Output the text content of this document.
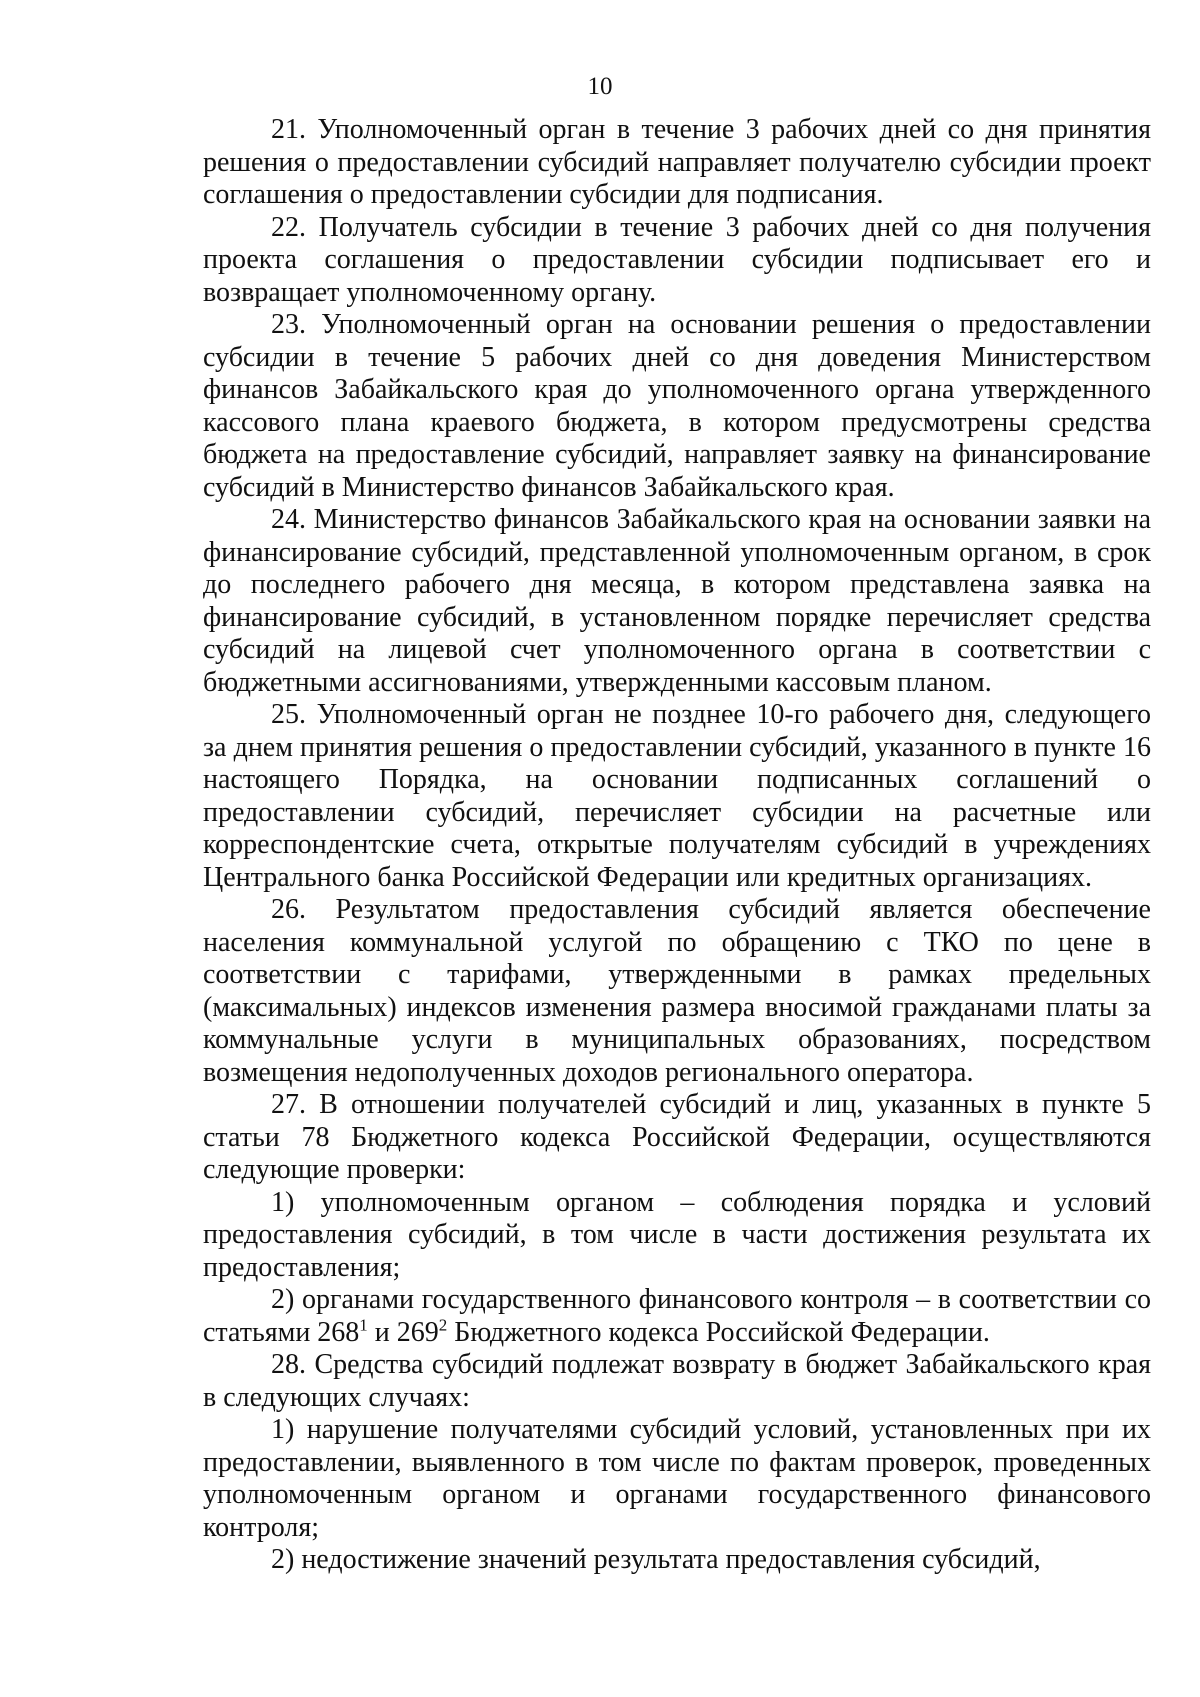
10

21. Уполномоченный орган в течение 3 рабочих дней со дня принятия решения о предоставлении субсидий направляет получателю субсидии проект соглашения о предоставлении субсидии для подписания.

22. Получатель субсидии в течение 3 рабочих дней со дня получения проекта соглашения о предоставлении субсидии подписывает его и возвращает уполномоченному органу.

23. Уполномоченный орган на основании решения о предоставлении субсидии в течение 5 рабочих дней со дня доведения Министерством финансов Забайкальского края до уполномоченного органа утвержденного кассового плана краевого бюджета, в котором предусмотрены средства бюджета на предоставление субсидий, направляет заявку на финансирование субсидий в Министерство финансов Забайкальского края.

24. Министерство финансов Забайкальского края на основании заявки на финансирование субсидий, представленной уполномоченным органом, в срок до последнего рабочего дня месяца, в котором представлена заявка на финансирование субсидий, в установленном порядке перечисляет средства субсидий на лицевой счет уполномоченного органа в соответствии с бюджетными ассигнованиями, утвержденными кассовым планом.

25. Уполномоченный орган не позднее 10-го рабочего дня, следующего за днем принятия решения о предоставлении субсидий, указанного в пункте 16 настоящего Порядка, на основании подписанных соглашений о предоставлении субсидий, перечисляет субсидии на расчетные или корреспондентские счета, открытые получателям субсидий в учреждениях Центрального банка Российской Федерации или кредитных организациях.

26. Результатом предоставления субсидий является обеспечение населения коммунальной услугой по обращению с ТКО по цене в соответствии с тарифами, утвержденными в рамках предельных (максимальных) индексов изменения размера вносимой гражданами платы за коммунальные услуги в муниципальных образованиях, посредством возмещения недополученных доходов регионального оператора.

27. В отношении получателей субсидий и лиц, указанных в пункте 5 статьи 78 Бюджетного кодекса Российской Федерации, осуществляются следующие проверки:

1) уполномоченным органом – соблюдения порядка и условий предоставления субсидий, в том числе в части достижения результата их предоставления;

2) органами государственного финансового контроля – в соответствии со статьями $268^1$ и $269^2$ Бюджетного кодекса Российской Федерации.

28. Средства субсидий подлежат возврату в бюджет Забайкальского края в следующих случаях:

1) нарушение получателями субсидий условий, установленных при их предоставлении, выявленного в том числе по фактам проверок, проведенных уполномоченным органом и органами государственного финансового контроля;

2) недостижение значений результата предоставления субсидий,
